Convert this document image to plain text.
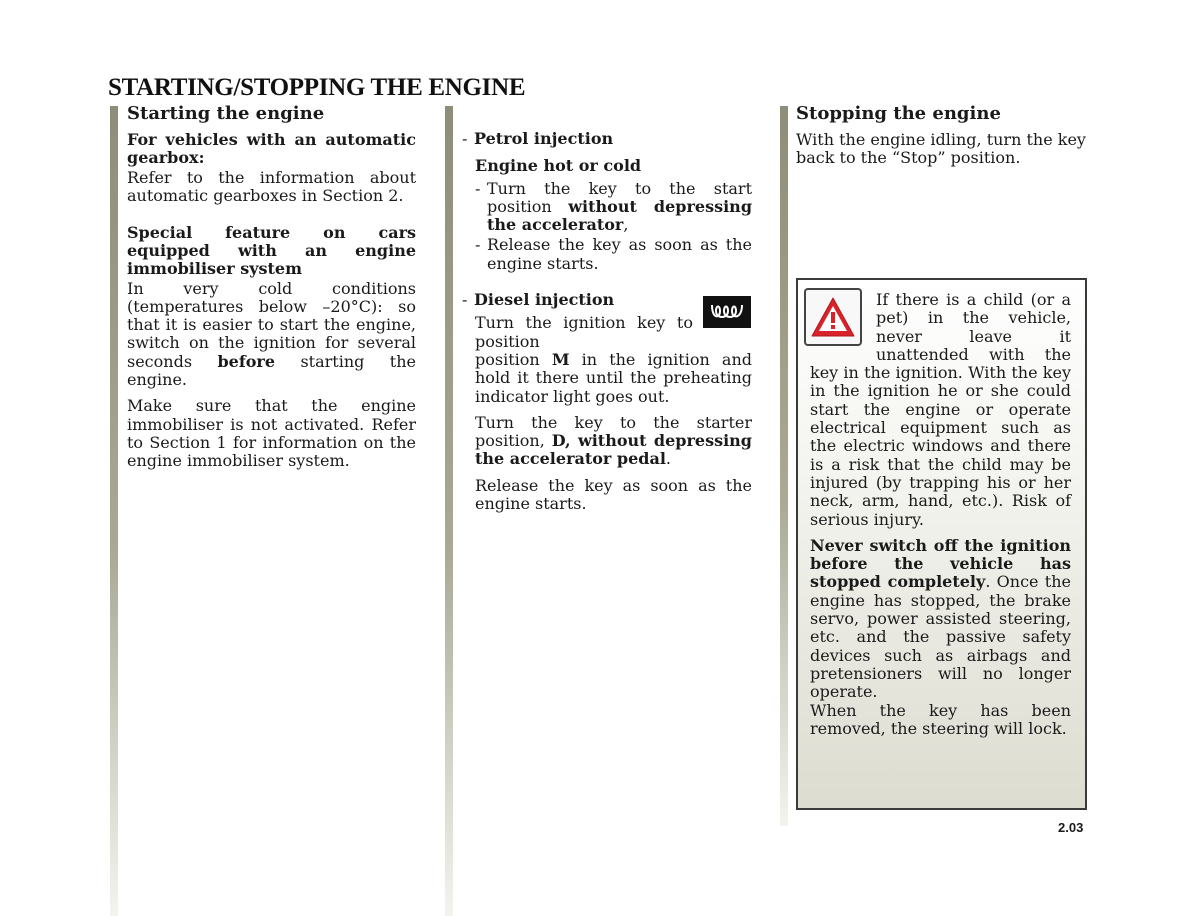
STARTING/STOPPING THE ENGINE
Starting the engine
For vehicles with an automatic gearbox:

Refer to the information about automatic gearboxes in Section 2.

Special feature on cars equipped with an engine immobiliser system

In very cold conditions (temperatures below –20°C): so that it is easier to start the engine, switch on the ignition for several seconds before starting the engine.

Make sure that the engine immobiliser is not activated. Refer to Section 1 for information on the engine immobiliser system.

- Petrol injection
Engine hot or cold
- Turn the key to the start position without depressing the accelerator,
- Release the key as soon as the engine starts.
- Diesel injection

Turn the ignition key to position
position M in the ignition and hold it there until the preheating indicator light goes out.

Turn the key to the starter position, D, without depressing the accelerator pedal.

Release the key as soon as the engine starts.

Stopping the engine

With the engine idling, turn the key back to the “Stop” position.

If there is a child (or a pet) in the vehicle, never leave it unattended with the key in the ignition. With the key in the ignition he or she could start the engine or operate electrical equipment such as the electric windows and there is a risk that the child may be injured (by trapping his or her neck, arm, hand, etc.). Risk of serious injury.

Never switch off the ignition before the vehicle has stopped completely. Once the engine has stopped, the brake servo, power assisted steering, etc. and the passive safety devices such as airbags and pretensioners will no longer operate.

When the key has been removed, the steering will lock.

2.03
